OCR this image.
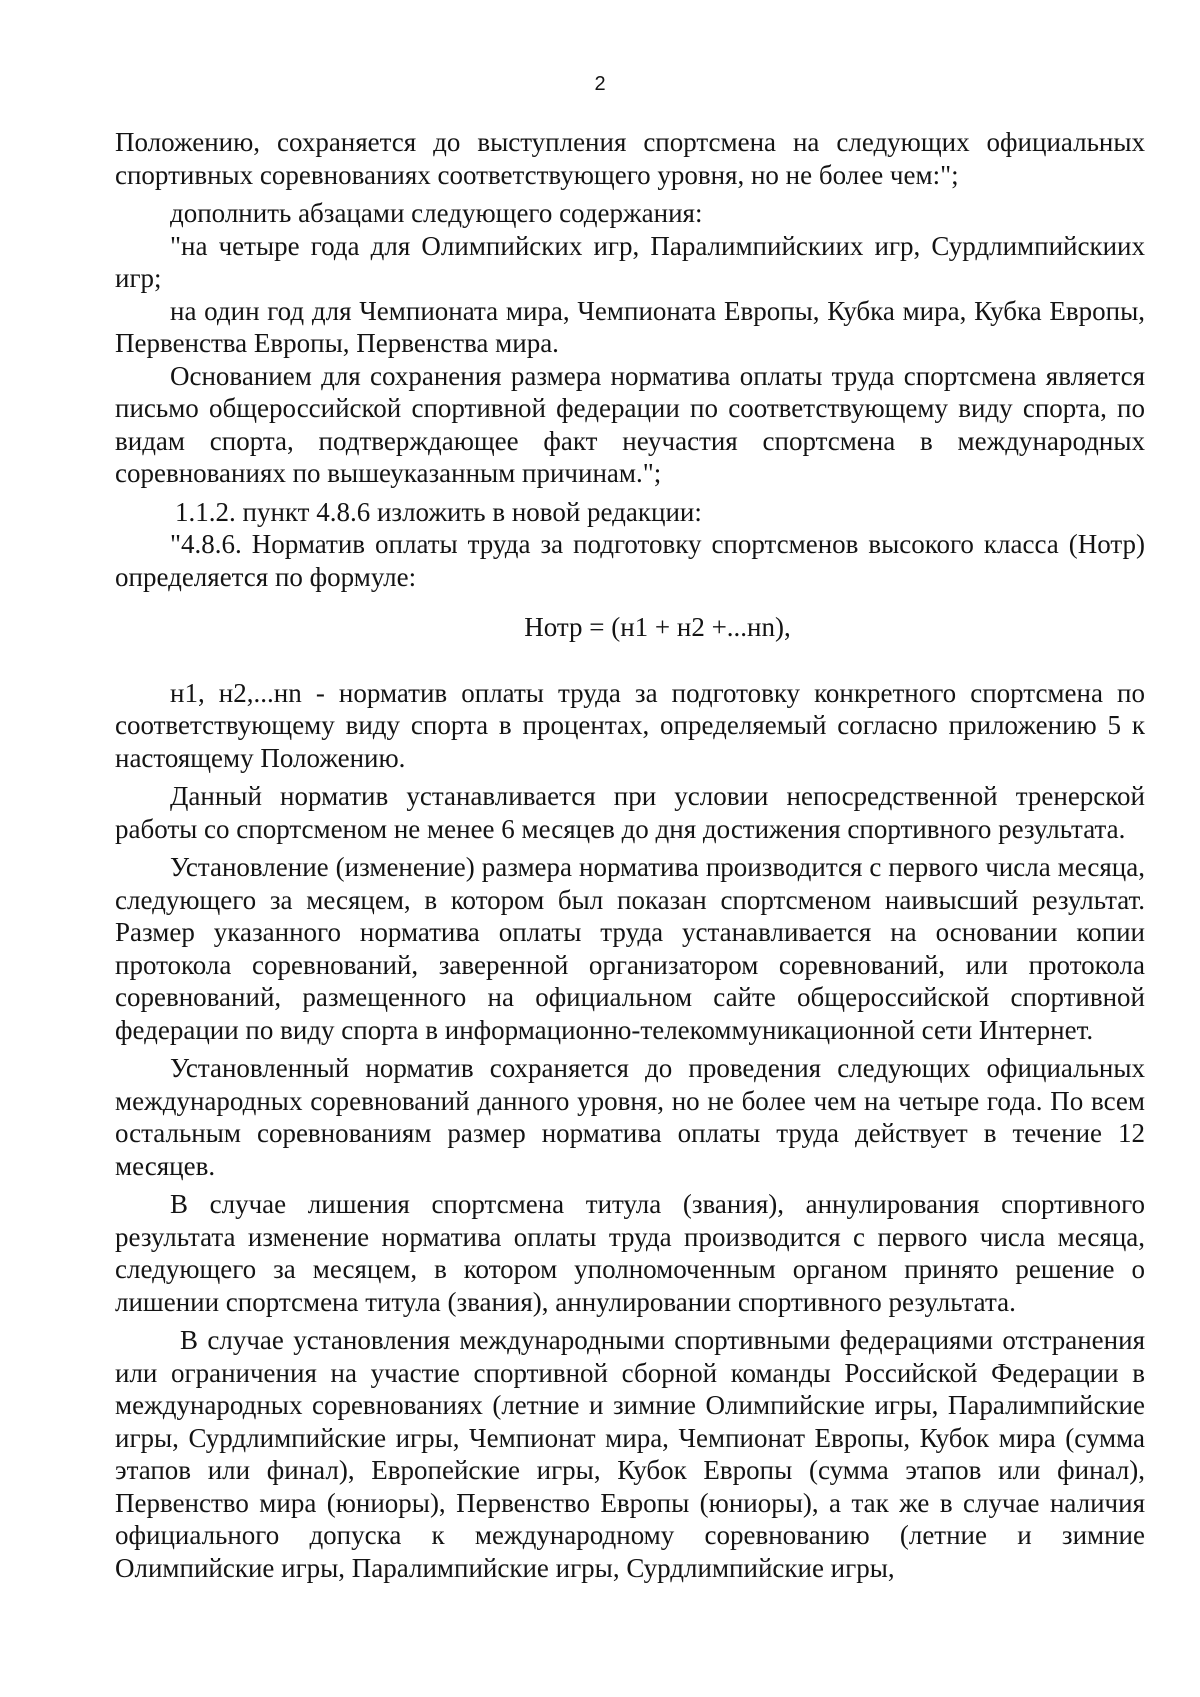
2

Положению, сохраняется до выступления спортсмена на следующих официальных спортивных соревнованиях соответствующего уровня, но не более чем:";

дополнить абзацами следующего содержания:

"на четыре года для Олимпийских игр, Паралимпийскиих игр, Сурдлимпийскиих игр;

на один год для Чемпионата мира, Чемпионата Европы, Кубка мира, Кубка Европы, Первенства Европы, Первенства мира.

Основанием для сохранения размера норматива оплаты труда спортсмена является письмо общероссийской спортивной федерации по соответствующему виду спорта, по видам спорта, подтверждающее факт неучастия спортсмена в международных соревнованиях по вышеуказанным причинам.";

1.1.2. пункт 4.8.6 изложить в новой редакции:

"4.8.6. Норматив оплаты труда за подготовку спортсменов высокого класса (Нотр) определяется по формуле:

Нотр = (н1 + н2 +...нn),

н1, н2,...нn - норматив оплаты труда за подготовку конкретного спортсмена по соответствующему виду спорта в процентах, определяемый согласно приложению 5 к настоящему Положению.

Данный норматив устанавливается при условии непосредственной тренерской работы со спортсменом не менее 6 месяцев до дня достижения спортивного результата.

Установление (изменение) размера норматива производится с первого числа месяца, следующего за месяцем, в котором был показан спортсменом наивысший результат. Размер указанного норматива оплаты труда устанавливается на основании копии протокола соревнований, заверенной организатором соревнований, или протокола соревнований, размещенного на официальном сайте общероссийской спортивной федерации по виду спорта в информационно-телекоммуникационной сети Интернет.

Установленный норматив сохраняется до проведения следующих официальных международных соревнований данного уровня, но не более чем на четыре года. По всем остальным соревнованиям размер норматива оплаты труда действует в течение 12 месяцев.

В случае лишения спортсмена титула (звания), аннулирования спортивного результата изменение норматива оплаты труда производится с первого числа месяца, следующего за месяцем, в котором уполномоченным органом принято решение о лишении спортсмена титула (звания), аннулировании спортивного результата.

В случае установления международными спортивными федерациями отстранения или ограничения на участие спортивной сборной команды Российской Федерации в международных соревнованиях (летние и зимние Олимпийские игры, Паралимпийские игры, Сурдлимпийские игры, Чемпионат мира, Чемпионат Европы, Кубок мира (сумма этапов или финал), Европейские игры, Кубок Европы (сумма этапов или финал), Первенство мира (юниоры), Первенство Европы (юниоры), а так же в случае наличия официального допуска к международному соревнованию (летние и зимние Олимпийские игры, Паралимпийские игры, Сурдлимпийские игры,
